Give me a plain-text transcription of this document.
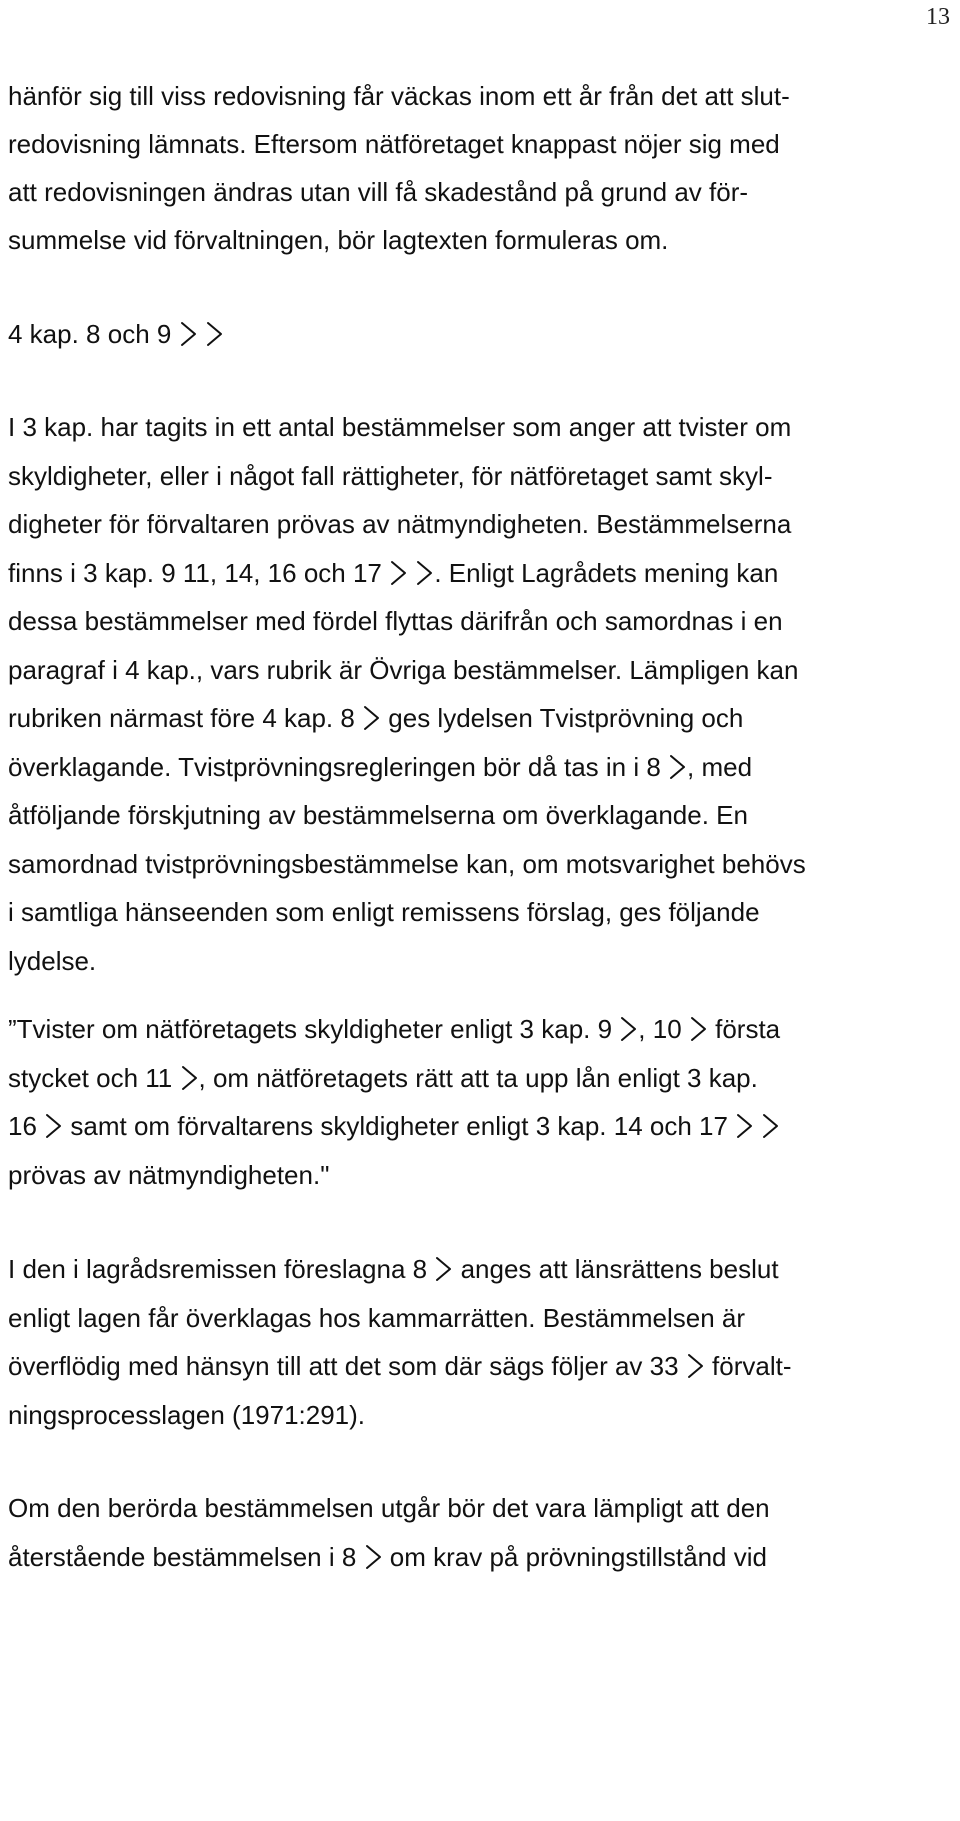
13
hänför sig till viss redovisning får väckas inom ett år från det att slut-
redovisning lämnats. Eftersom nätföretaget knappast nöjer sig med
att redovisningen ändras utan vill få skadestånd på grund av för-
summelse vid förvaltningen, bör lagtexten formuleras om.
4 kap. 8 och 9

I 3 kap. har tagits in ett antal bestämmelser som anger att tvister om
skyldigheter, eller i något fall rättigheter, för nätföretaget samt skyl-
digheter för förvaltaren prövas av nätmyndigheten. Bestämmelserna
finns i 3 kap. 9 11, 14, 16 och 17

. Enligt Lagrådets mening kan
dessa bestämmelser med fördel flyttas därifrån och samordnas i en
paragraf i 4 kap., vars rubrik är Övriga bestämmelser. Lämpligen kan
rubriken närmast före 4 kap. 8
ges lydelsen Tvistprövning och
överklagande. Tvistprövningsregleringen bör då tas in i 8
, med
åtföljande förskjutning av bestämmelserna om överklagande. En
samordnad tvistprövningsbestämmelse kan, om motsvarighet behövs
i samtliga hänseenden som enligt remissens förslag, ges följande
lydelse.
”Tvister om nätföretagets skyldigheter enligt 3 kap. 9
, 10
första
stycket och 11
, om nätföretagets rätt att ta upp lån enligt 3 kap.
16
samt om förvaltarens skyldigheter enligt 3 kap. 14 och 17

prövas av nätmyndigheten."
I den i lagrådsremissen föreslagna 8
anges att länsrättens beslut
enligt lagen får överklagas hos kammarrätten. Bestämmelsen är
överflödig med hänsyn till att det som där sägs följer av 33
förvalt-
ningsprocesslagen (1971:291).
Om den berörda bestämmelsen utgår bör det vara lämpligt att den
återstående bestämmelsen i 8
om krav på prövningstillstånd vid
